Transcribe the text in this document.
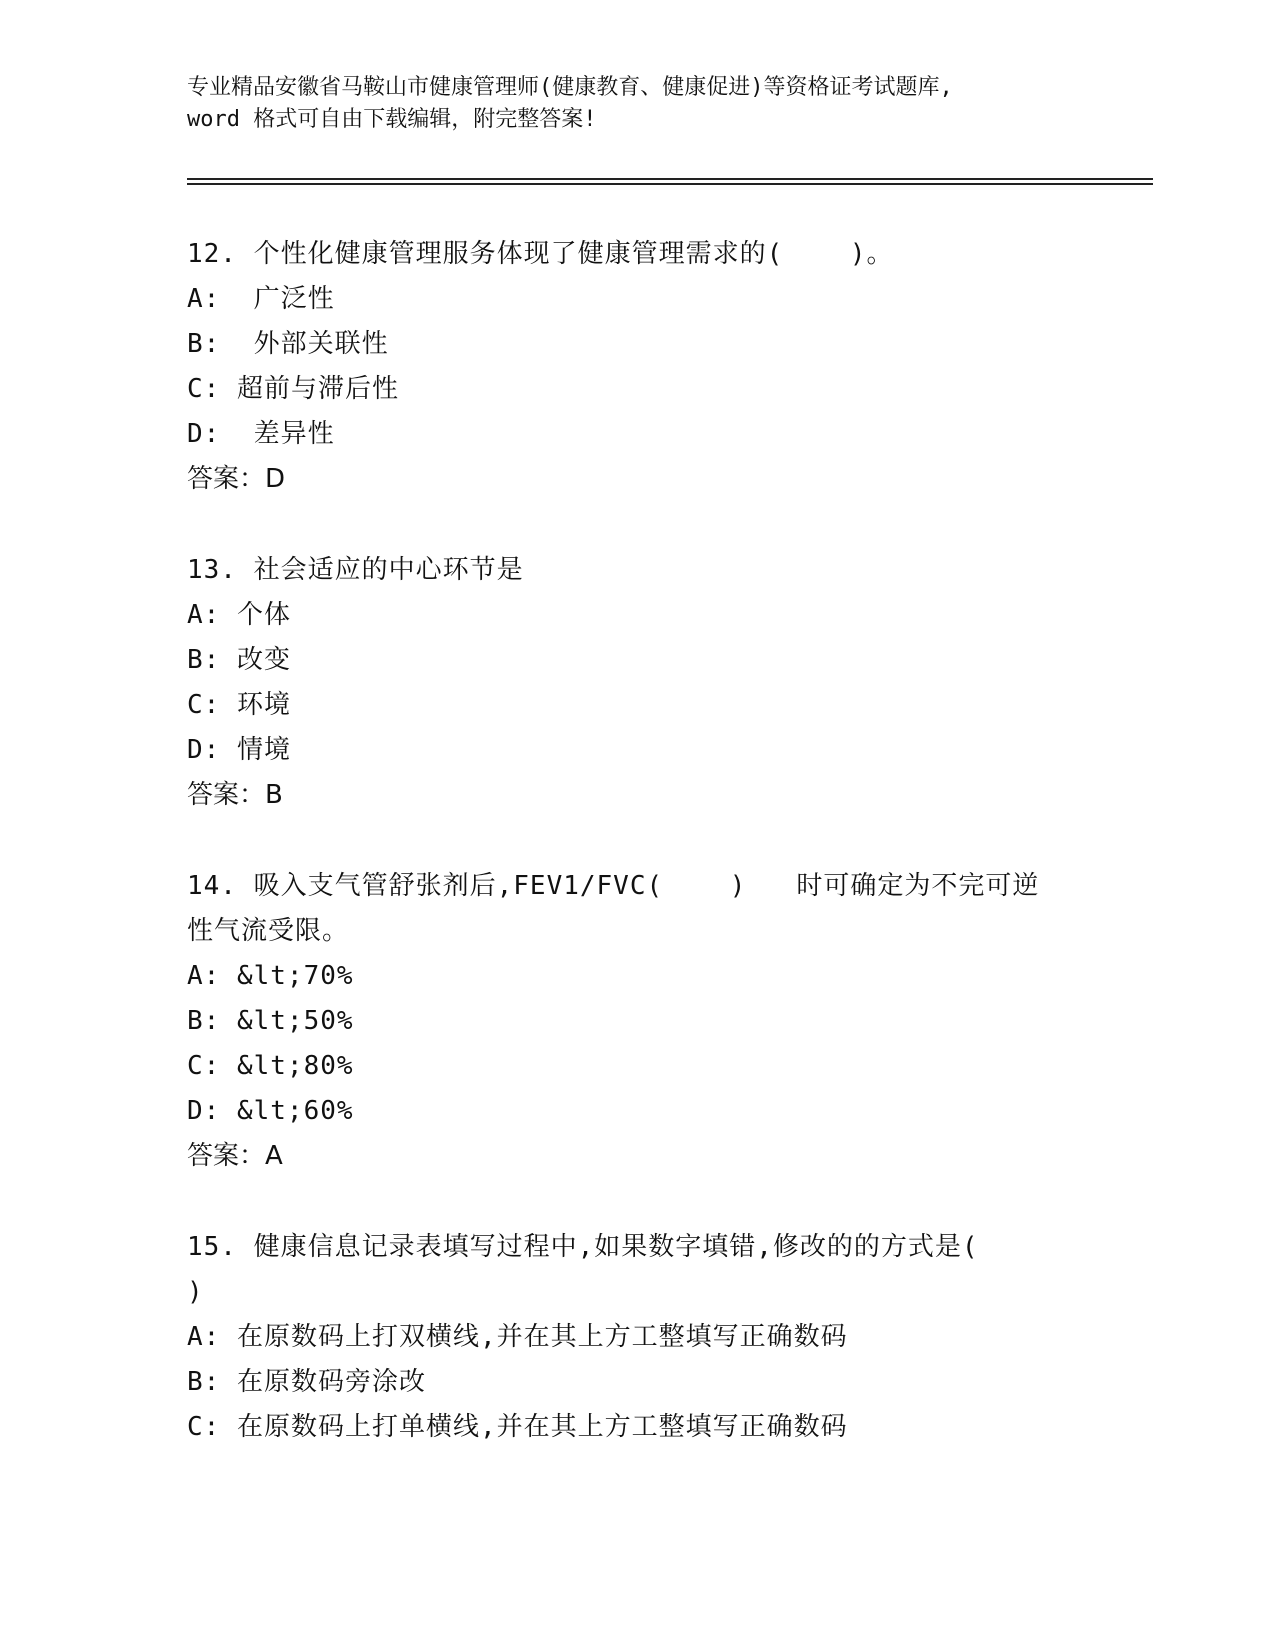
专业精品安徽省马鞍山市健康管理师(健康教育、健康促进)等资格证考试题库,
word 格式可自由下载编辑，附完整答案!
12. 个性化健康管理服务体现了健康管理需求的(    )。
A:  广泛性
B:  外部关联性
C: 超前与滞后性
D:  差异性
答案：D
13. 社会适应的中心环节是
A: 个体
B: 改变
C: 环境
D: 情境
答案：B
14. 吸入支气管舒张剂后,FEV1/FVC(    )   时可确定为不完可逆性气流受限。
A: &lt;70%
B: &lt;50%
C: &lt;80%
D: &lt;60%
答案：A
15. 健康信息记录表填写过程中,如果数字填错,修改的的方式是(
)
A: 在原数码上打双横线,并在其上方工整填写正确数码
B: 在原数码旁涂改
C: 在原数码上打单横线,并在其上方工整填写正确数码
